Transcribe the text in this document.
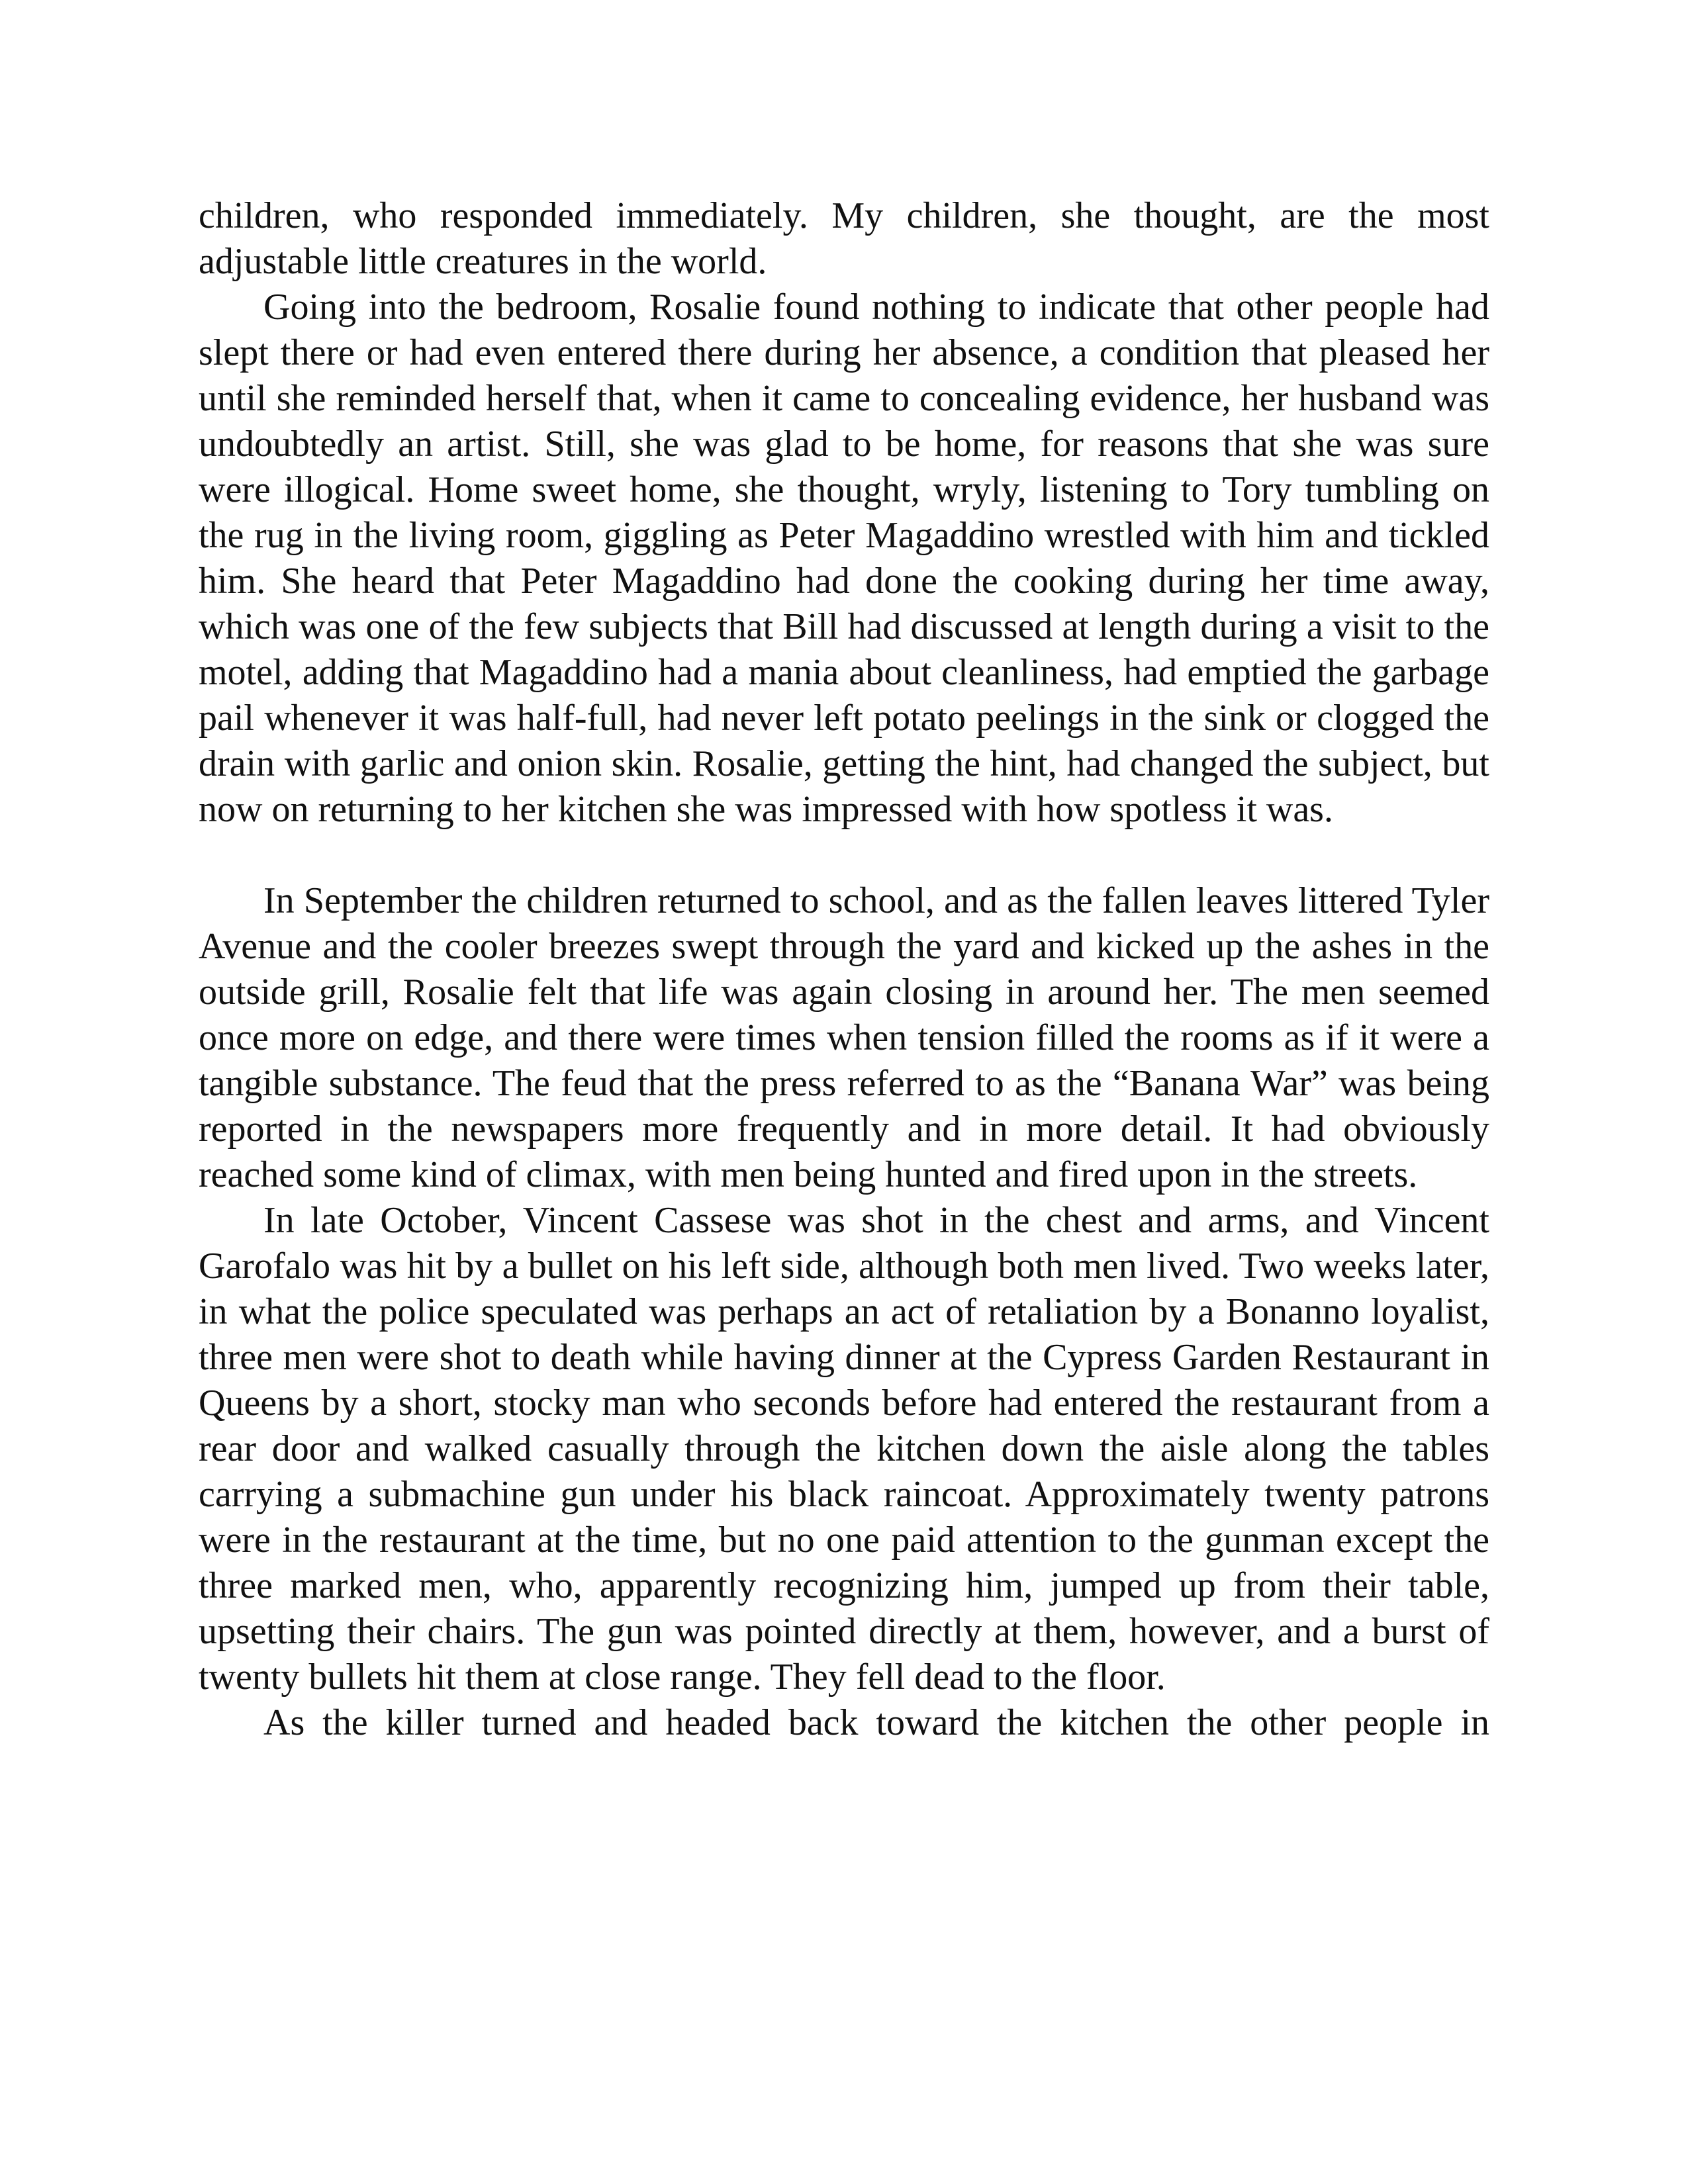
children, who responded immediately. My children, she thought, are the most adjustable little creatures in the world.

Going into the bedroom, Rosalie found nothing to indicate that other people had slept there or had even entered there during her absence, a condition that pleased her until she reminded herself that, when it came to concealing evidence, her husband was undoubtedly an artist. Still, she was glad to be home, for reasons that she was sure were illogical. Home sweet home, she thought, wryly, listening to Tory tumbling on the rug in the living room, giggling as Peter Magaddino wrestled with him and tickled him. She heard that Peter Magaddino had done the cooking during her time away, which was one of the few subjects that Bill had discussed at length during a visit to the motel, adding that Magaddino had a mania about cleanliness, had emptied the garbage pail whenever it was half-full, had never left potato peelings in the sink or clogged the drain with garlic and onion skin. Rosalie, getting the hint, had changed the subject, but now on returning to her kitchen she was impressed with how spotless it was.

In September the children returned to school, and as the fallen leaves littered Tyler Avenue and the cooler breezes swept through the yard and kicked up the ashes in the outside grill, Rosalie felt that life was again closing in around her. The men seemed once more on edge, and there were times when tension filled the rooms as if it were a tangible substance. The feud that the press referred to as the “Banana War” was being reported in the newspapers more frequently and in more detail. It had obviously reached some kind of climax, with men being hunted and fired upon in the streets.

In late October, Vincent Cassese was shot in the chest and arms, and Vincent Garofalo was hit by a bullet on his left side, although both men lived. Two weeks later, in what the police speculated was perhaps an act of retaliation by a Bonanno loyalist, three men were shot to death while having dinner at the Cypress Garden Restaurant in Queens by a short, stocky man who seconds before had entered the restaurant from a rear door and walked casually through the kitchen down the aisle along the tables carrying a submachine gun under his black raincoat. Approximately twenty patrons were in the restaurant at the time, but no one paid attention to the gunman except the three marked men, who, apparently recognizing him, jumped up from their table, upsetting their chairs. The gun was pointed directly at them, however, and a burst of twenty bullets hit them at close range. They fell dead to the floor.

As the killer turned and headed back toward the kitchen the other people in
